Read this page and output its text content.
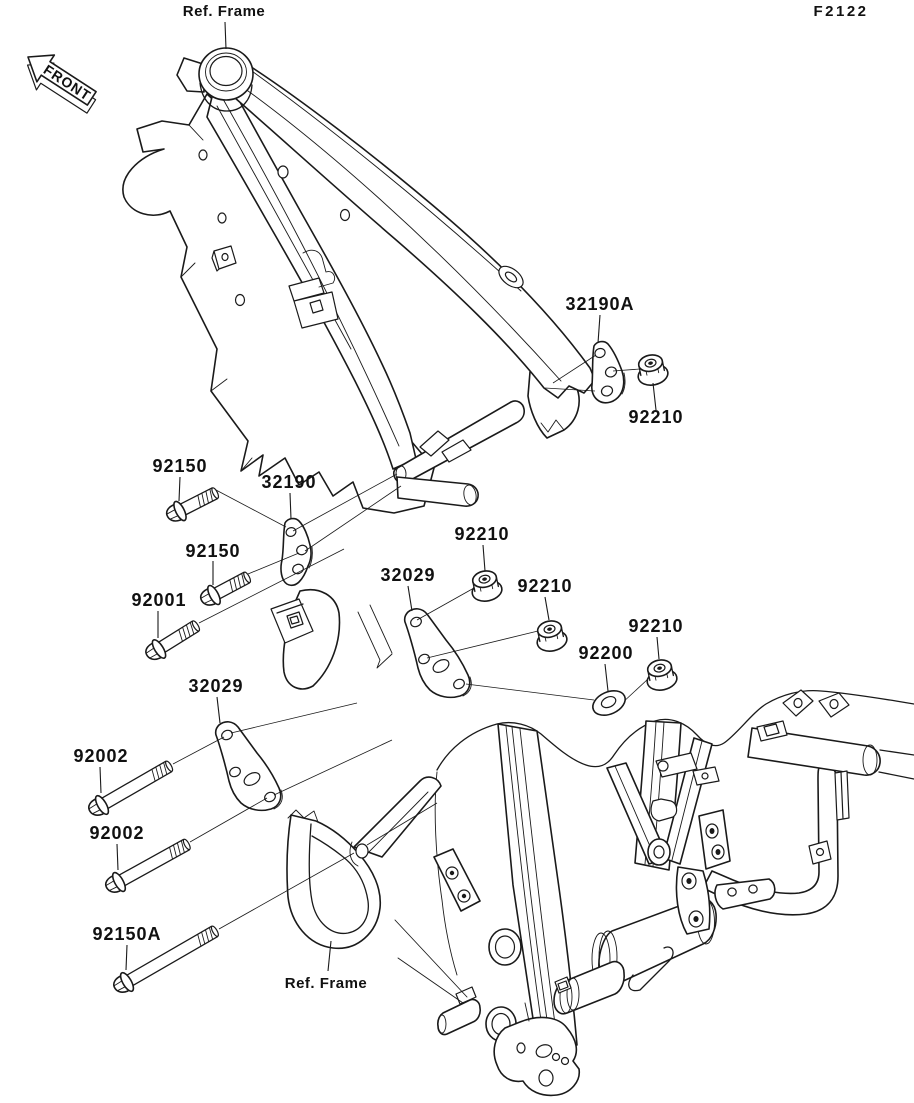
Ref. Frame	F2122
32190A
92210
92150
32190
92150
92001
32029
92210
92210
92200
92210
32029
92002
92002
92150A
Ref. Frame
FRONT
